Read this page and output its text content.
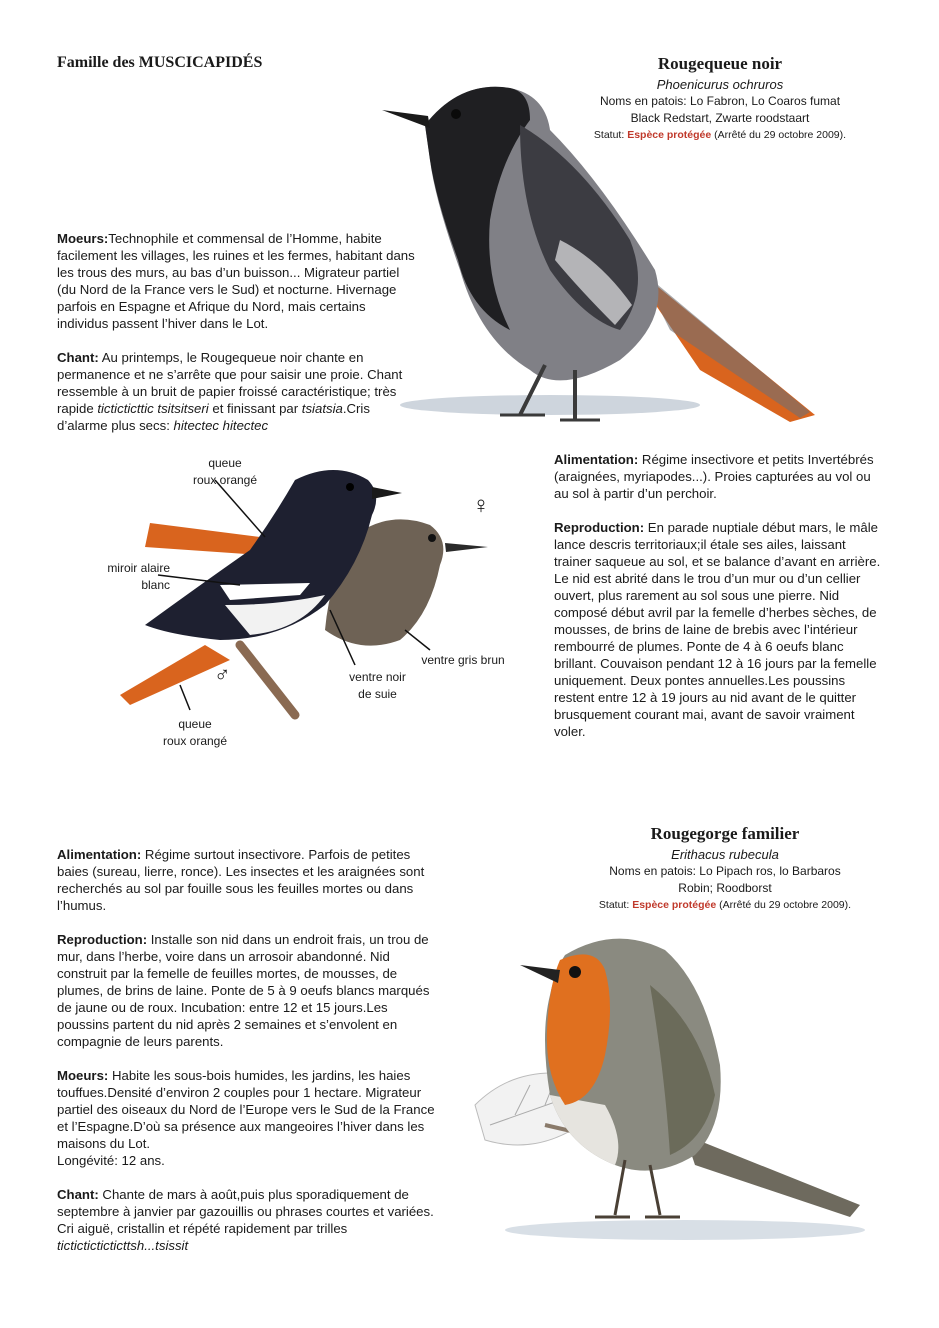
Famille des MUSCICAPIDÉS	Rougequeue noir
Phoenicurus ochruros
Noms en patois: Lo Fabron, Lo Coaros fumat
Black Redstart, Zwarte roodstaart
Statut: Espèce protégée (Arrêté du 29 octobre 2009).

Moeurs:Technophile et commensal de l’Homme, habite facilement les villages, les ruines et les fermes, habitant dans les trous des murs, au bas d’un buisson... Migrateur partiel (du Nord de la France vers le Sud) et nocturne. Hivernage parfois en Espagne et Afrique du Nord, mais certains individus passent l’hiver dans le Lot.

Chant: Au printemps, le Rougequeue noir chante en permanence et ne s’arrête que pour saisir une proie. Chant ressemble à un bruit de papier froissé caractéristique; très rapide ticticticttic tsitsitseri et finissant par tsiatsia.Cris d’alarme plus secs: hitectec hitectec

queue
roux orangé
miroir alaire
blanc
ventre noir
de suie
ventre gris brun
queue
roux orangé
♀
♂

Alimentation: Régime insectivore et petits Invertébrés (araignées, myriapodes...). Proies capturées au vol ou au sol à partir d’un perchoir.

Reproduction: En parade nuptiale début mars, le mâle lance descris territoriaux;il étale ses ailes, laissant trainer saqueue au sol, et se balance d’avant en arrière. Le nid est abrité dans le trou d’un mur ou d’un cellier ouvert, plus rarement au sol sous une pierre. Nid composé début avril par la femelle d’herbes sèches, de mousses, de brins de laine de brebis avec l’intérieur rembourré de plumes. Ponte de 4 à 6 oeufs blanc brillant. Couvaison pendant 12 à 16 jours par la femelle uniquement. Deux pontes annuelles.Les poussins restent entre 12 à 19 jours au nid avant de le quitter brusquement courant mai, avant de savoir vraiment voler.

Rougegorge familier
Erithacus rubecula
Noms en patois: Lo Pipach ros, lo Barbaros
Robin; Roodborst
Statut: Espèce protégée (Arrêté du 29 octobre 2009).

Alimentation: Régime surtout insectivore. Parfois de petites baies (sureau, lierre, ronce). Les insectes et les araignées sont recherchés au sol par fouille sous les feuilles mortes ou dans l’humus.

Reproduction: Installe son nid dans un endroit frais, un trou de mur, dans l’herbe, voire dans un arrosoir abandonné. Nid construit par la femelle de feuilles mortes, de mousses, de plumes, de brins de laine. Ponte de 5 à 9 oeufs blancs marqués de jaune ou de roux. Incubation: entre 12 et 15 jours.Les poussins partent du nid après 2 semaines et s’envolent en compagnie de leurs parents.

Moeurs: Habite les sous-bois humides, les jardins, les haies touffues.Densité d’environ 2 couples pour 1 hectare. Migrateur partiel des oiseaux du Nord de l’Europe vers le Sud de la France et l’Espagne.D’où sa présence aux mangeoires l’hiver dans les maisons du Lot.
Longévité: 12 ans.

Chant: Chante de mars à août,puis plus sporadiquement de septembre à janvier par gazouillis ou phrases courtes et variées. Cri aiguë, cristallin et répété rapidement par trilles ticticticticticttsh...tsissit
